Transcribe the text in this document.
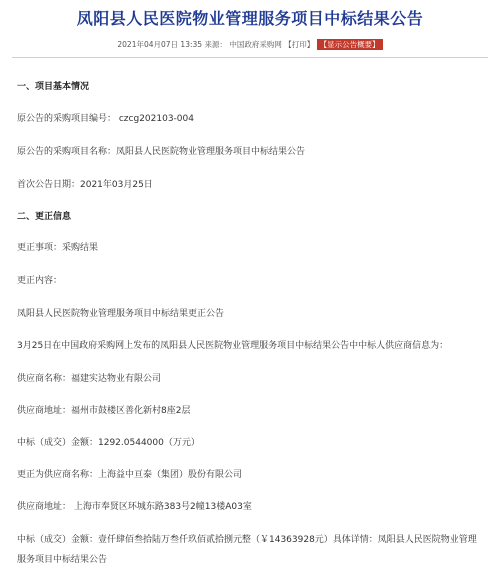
凤阳县人民医院物业管理服务项目中标结果公告
2021年04月07日 13:35 来源： 中国政府采购网 【打印】 【显示公告概要】
一、项目基本情况
原公告的采购项目编号： czcg202103-004
原公告的采购项目名称：凤阳县人民医院物业管理服务项目中标结果公告
首次公告日期：2021年03月25日
二、更正信息
更正事项：采购结果
更正内容：
凤阳县人民医院物业管理服务项目中标结果更正公告
3月25日在中国政府采购网上发布的凤阳县人民医院物业管理服务项目中标结果公告中中标人供应商信息为：
供应商名称：福建实达物业有限公司
供应商地址：福州市鼓楼区善化新村8座2层
中标（成交）金额：1292.0544000（万元）
更正为供应商名称：上海益中亘泰（集团）股份有限公司
供应商地址： 上海市奉贤区环城东路383号2幢13楼A03室
中标（成交）金额：壹仟肆佰叁拾陆万叁仟玖佰贰拾捌元整（￥14363928元）具体详情：凤阳县人民医院物业管理服务项目中标结果公告
